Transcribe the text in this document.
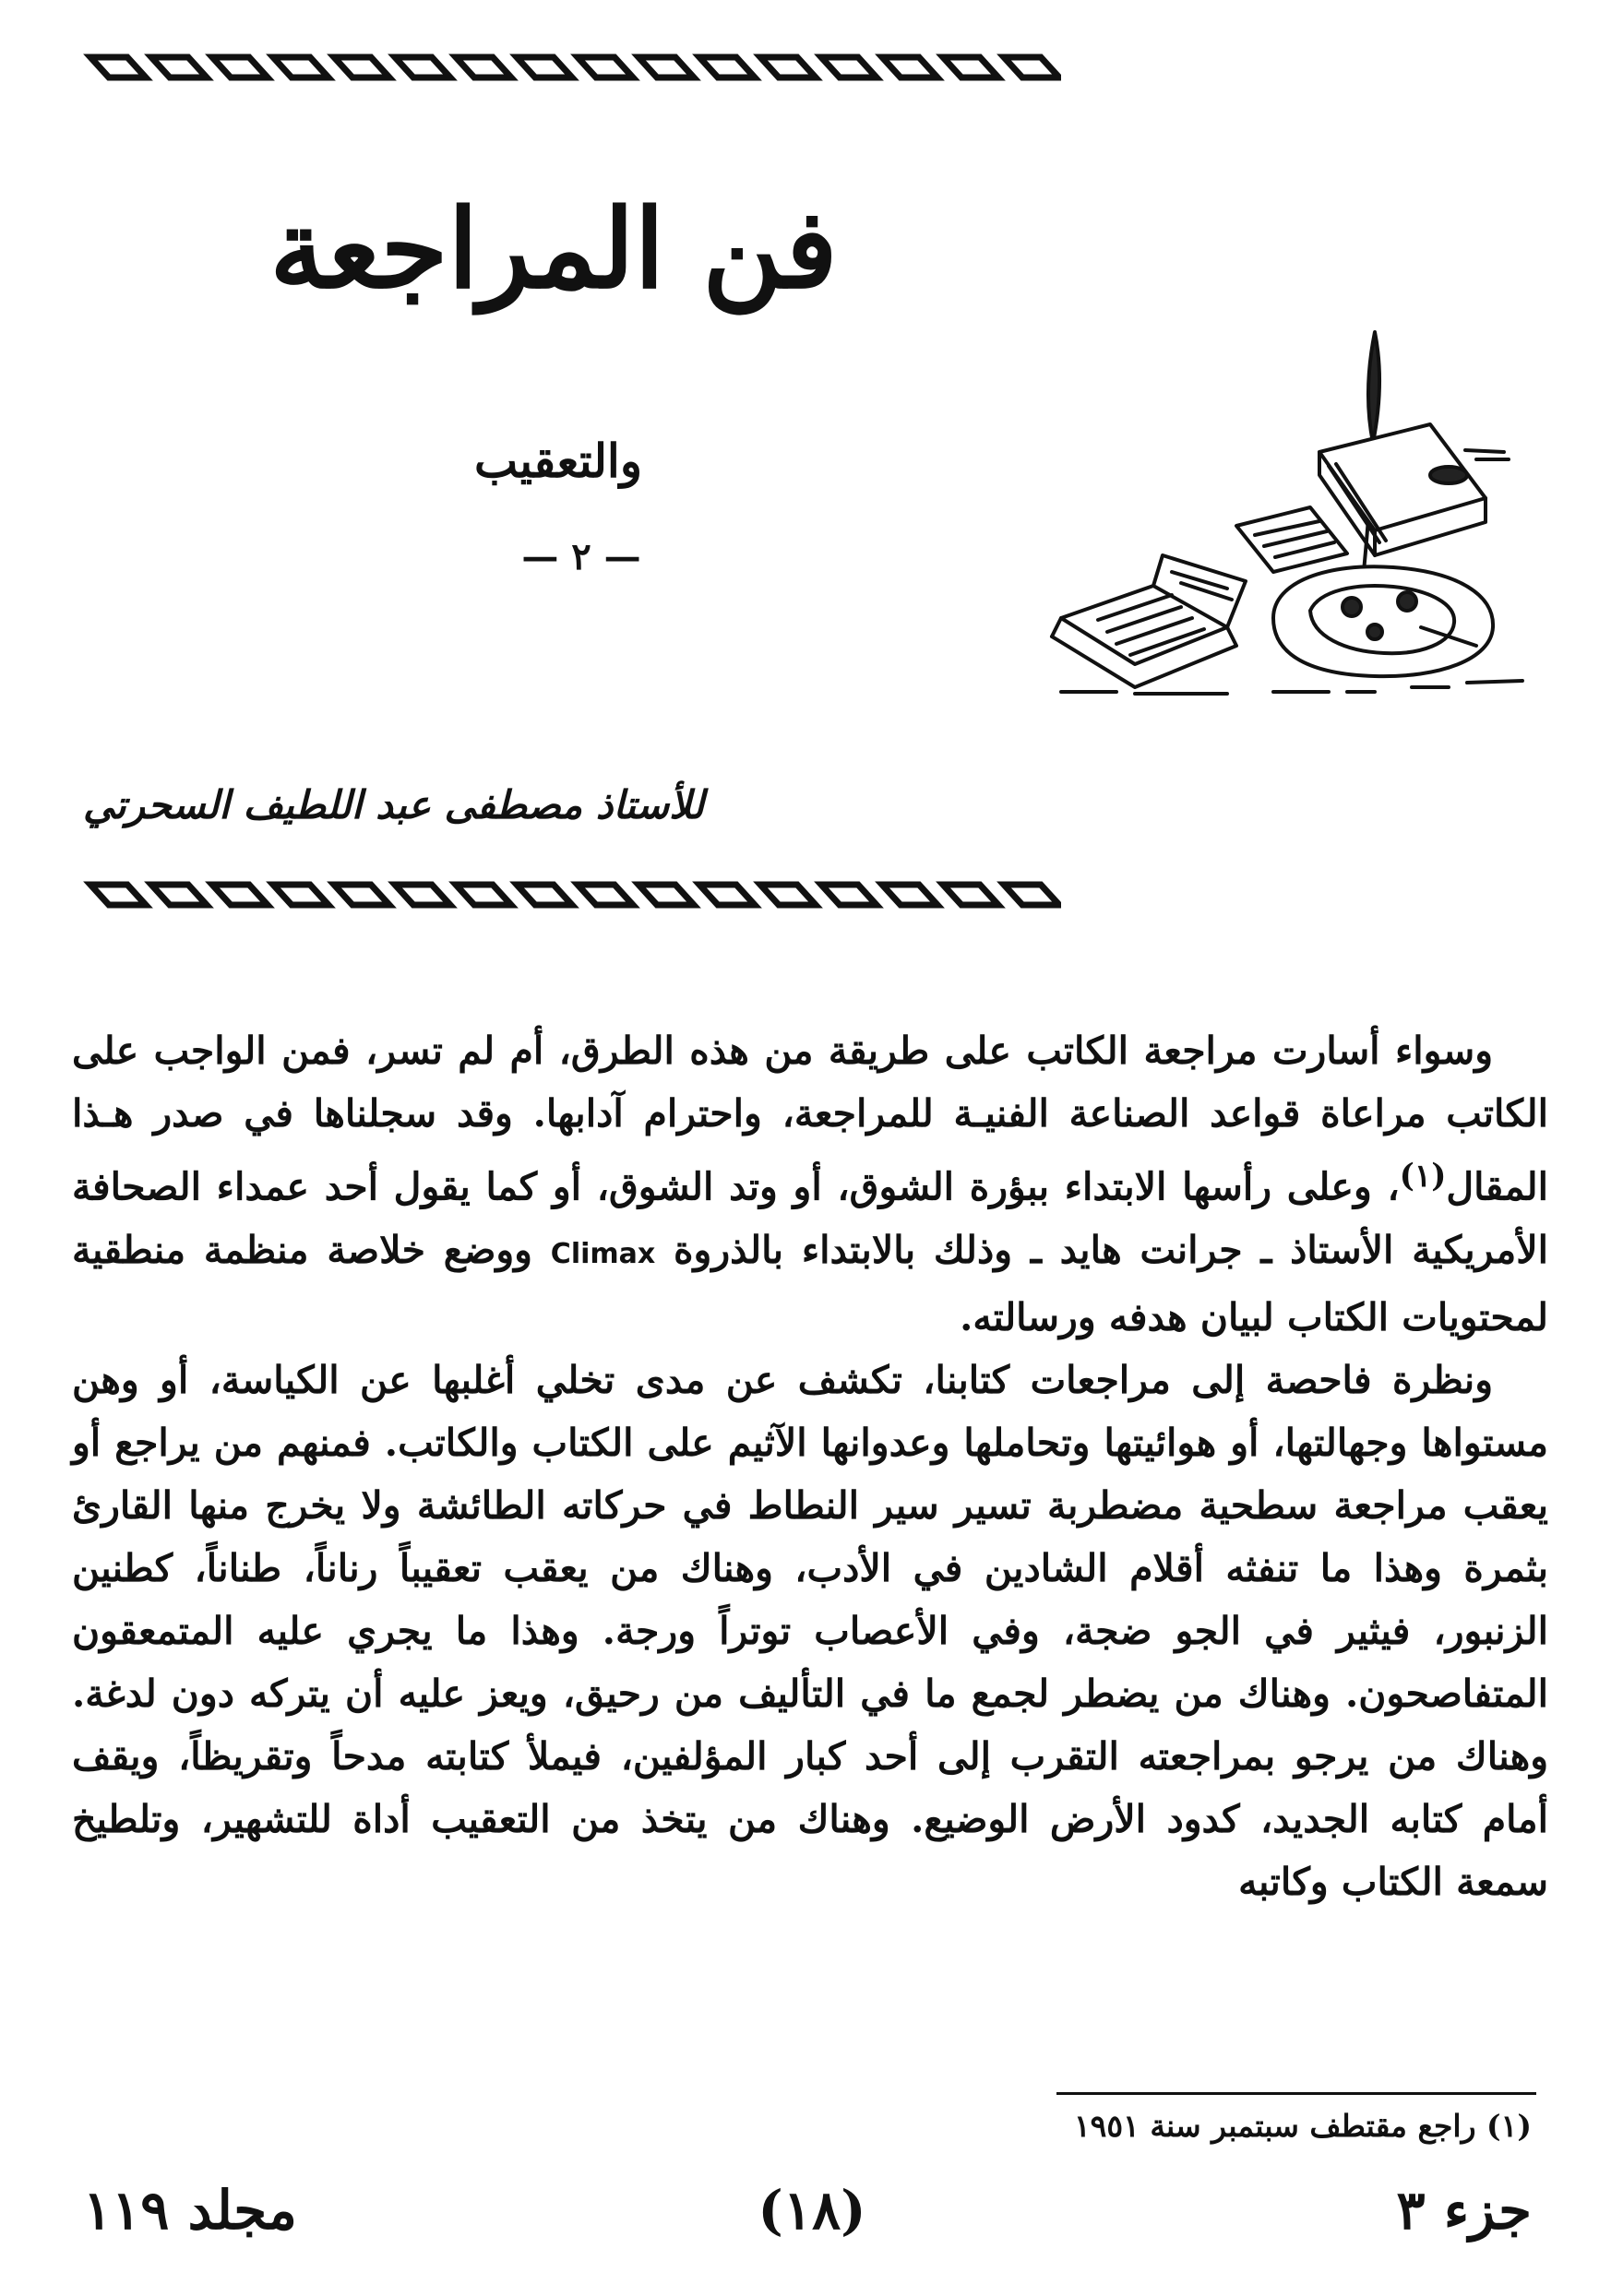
فن المراجعة
والتعقيب
— ٢ —
للأستاذ مصطفى عبد اللطيف السحرتي

وسواء أسارت مراجعة الكاتب على طريقة من هذه الطرق، أم لم تسر، فمن الواجب على الكاتب مراعاة قواعد الصناعة الفنيـة للمراجعة، واحترام آدابها. وقد سجلناها في صدر هـذا المقال$^{(١)}$، وعلى رأسها الابتداء ببؤرة الشوق، أو وتد الشوق، أو كما يقول أحد عمداء الصحافة الأمريكية الأستاذ ـ جرانت هايد ـ وذلك بالابتداء بالذروة Climax ووضع خلاصة منظمة منطقية لمحتويات الكتاب لبيان هدفه ورسالته.

ونظرة فاحصة إلى مراجعات كتابنا، تكشف عن مدى تخلي أغلبها عن الكياسة، أو وهن مستواها وجهالتها، أو هوائيتها وتحاملها وعدوانها الآثيم على الكتاب والكاتب. فمنهم من يراجع أو يعقب مراجعة سطحية مضطربة تسير سير النطاط في حركاته الطائشة ولا يخرج منها القارئ بثمرة وهذا ما تنفثه أقلام الشادين في الأدب، وهناك من يعقب تعقيباً رناناً، طناناً، كطنين الزنبور، فيثير في الجو ضجة، وفي الأعصاب توتراً ورجة. وهذا ما يجري عليه المتمعقون المتفاصحون. وهناك من يضطر لجمع ما في التأليف من رحيق، ويعز عليه أن يتركه دون لدغة. وهناك من يرجو بمراجعته التقرب إلى أحد كبار المؤلفين، فيملأ كتابته مدحاً وتقريظاً، ويقف أمام كتابه الجديد، كدود الأرض الوضيع. وهناك من يتخذ من التعقيب أداة للتشهير، وتلطيخ سمعة الكتاب وكاتبه

(١) راجع مقتطف سبتمبر سنة ١٩٥١
جزء ٣
(١٨)
مجلد ١١٩
